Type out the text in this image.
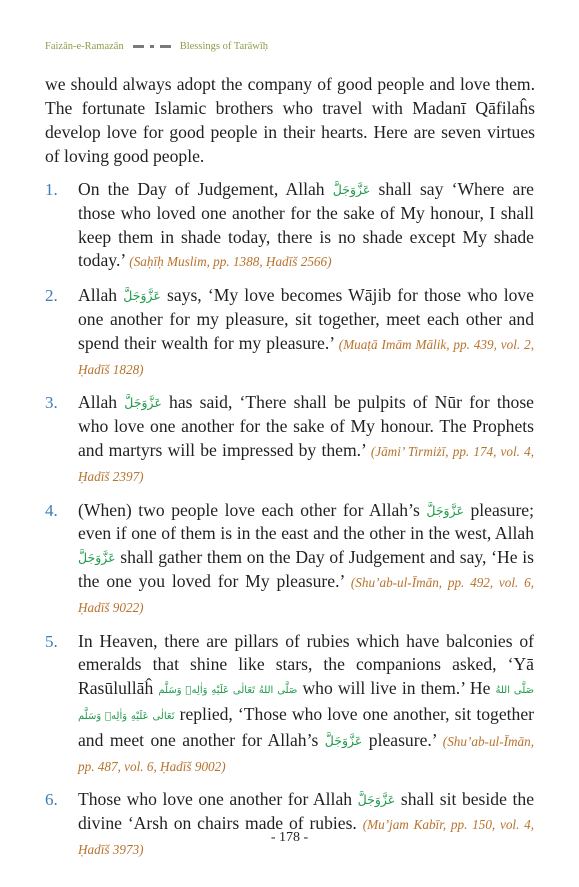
Faizān-e-Ramazān	Blessings of Tarāwīḥ

we should always adopt the company of good people and love them. The fortunate Islamic brothers who travel with Madanī Qāfilaĥs develop love for good people in their hearts. Here are seven virtues of loving good people.

1. On the Day of Judgement, Allah عَزَّوَجَلَّ shall say ‘Where are those who loved one another for the sake of My honour, I shall keep them in shade today, there is no shade except My shade today.’ (Saḥīḥ Muslim, pp. 1388, Ḥadīš 2566)
2. Allah عَزَّوَجَلَّ says, ‘My love becomes Wājib for those who love one another for my pleasure, sit together, meet each other and spend their wealth for my pleasure.’ (Muaṭā Imām Mālik, pp. 439, vol. 2, Ḥadīš 1828)
3. Allah عَزَّوَجَلَّ has said, ‘There shall be pulpits of Nūr for those who love one another for the sake of My honour. The Prophets and martyrs will be impressed by them.’ (Jāmi’ Tirmiżī, pp. 174, vol. 4, Ḥadīš 2397)
4. (When) two people love each other for Allah’s عَزَّوَجَلَّ pleasure; even if one of them is in the east and the other in the west, Allah عَزَّوَجَلَّ shall gather them on the Day of Judgement and say, ‘He is the one you loved for My pleasure.’ (Shu’ab-ul-Īmān, pp. 492, vol. 6, Ḥadīš 9022)
5. In Heaven, there are pillars of rubies which have balconies of emeralds that shine like stars, the companions asked, ‘Yā Rasūlullāĥ صَلَّى اللهُ تَعَالٰى عَلَيْهِ وَاٰلِهٖ وَسَلَّم who will live in them.’ He صَلَّى اللهُ تَعَالٰى عَلَيْهِ وَاٰلِهٖ وَسَلَّم replied, ‘Those who love one another, sit together and meet one another for Allah’s عَزَّوَجَلَّ pleasure.’ (Shu’ab-ul-Īmān, pp. 487, vol. 6, Ḥadīš 9002)
6. Those who love one another for Allah عَزَّوَجَلَّ shall sit beside the divine ‘Arsh on chairs made of rubies. (Mu’jam Kabīr, pp. 150, vol. 4, Ḥadīš 3973)
- 178 -
